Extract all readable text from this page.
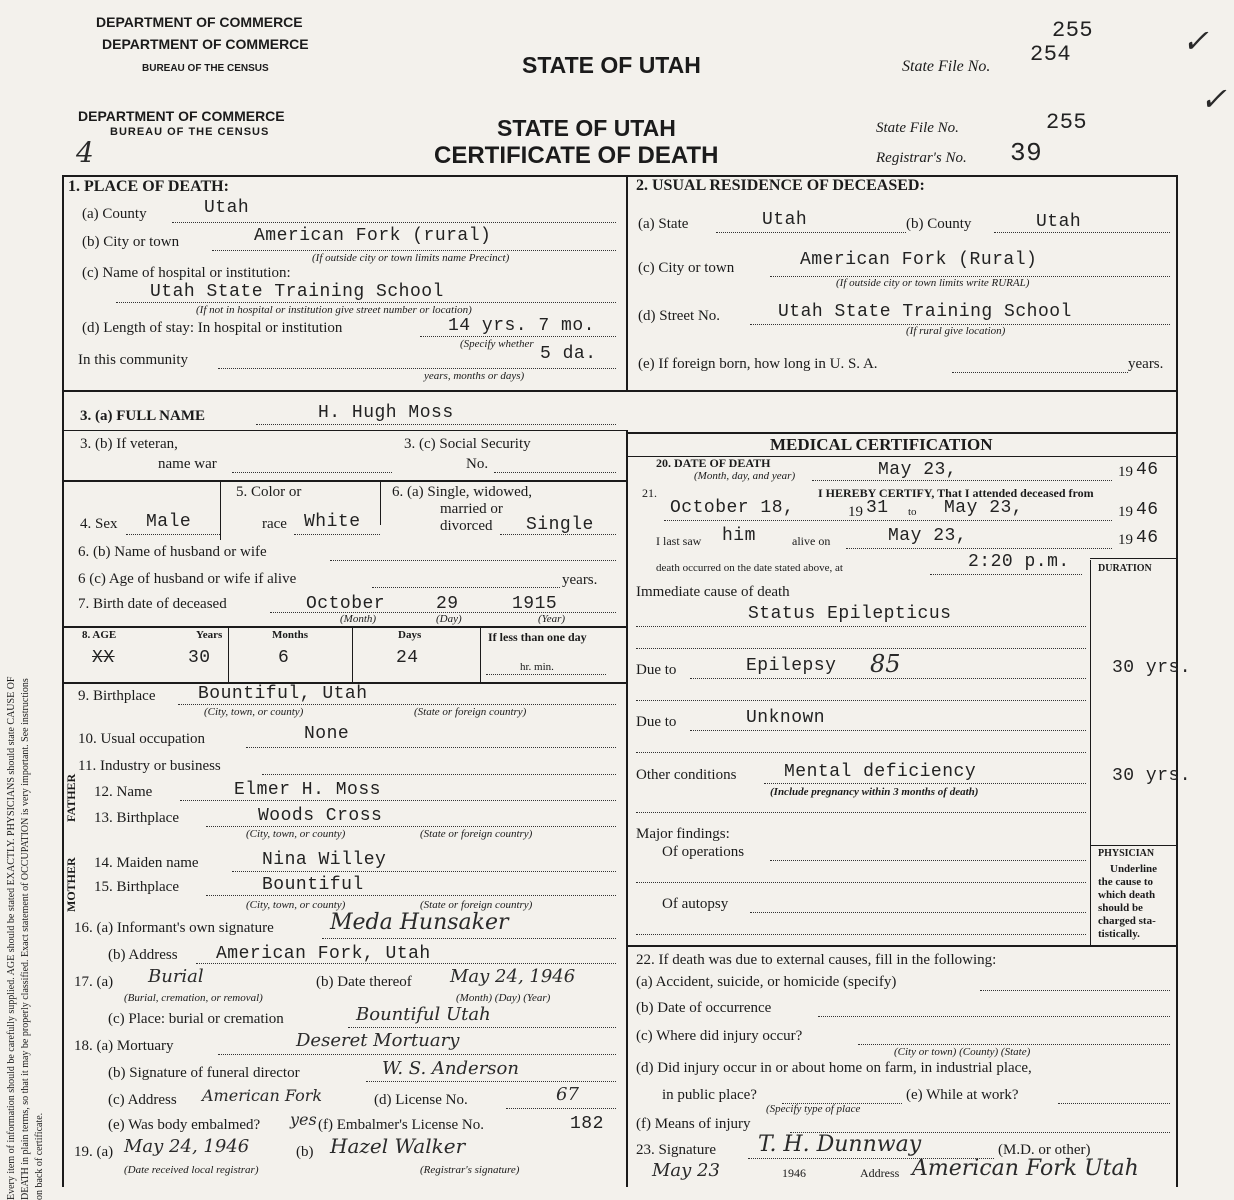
Every item of information should be carefully supplied. AGE should be stated EXACTLY. PHYSICIANS should state CAUSE OF DEATH in plain terms, so that it may be properly classified. Exact statement of OCCUPATION is very important. See instructions on back of certificate.
DEPARTMENT OF COMMERCE
DEPARTMENT OF COMMERCE
BUREAU OF THE CENSUS	STATE OF UTAH	State File No.
255
254	✓
✓
DEPARTMENT OF COMMERCE
BUREAU OF THE CENSUS
4
STATE OF UTAH
CERTIFICATE OF DEATH
State File No.	255
Registrar's No. 39
1. PLACE OF DEATH:
(a) County	Utah
(b) City or town	American Fork (rural)
(If outside city or town limits name Precinct)
(c) Name of hospital or institution:
Utah State Training School
(If not in hospital or institution give street number or location)
(d) Length of stay: In hospital or institution	14 yrs. 7 mo.
(Specify whether
In this community	5 da.
years, months or days)
2. USUAL RESIDENCE OF DECEASED:
(a) State	Utah	(b) County	Utah
(c) City or town	American Fork (Rural)
(If outside city or town limits write RURAL)
(d) Street No.	Utah State Training School
(If rural give location)
(e) If foreign born, how long in U. S. A.	years.
3. (a) FULL NAME	H. Hugh Moss
3. (b) If veteran,
name war
3. (c) Social Security
No.
5. Color or
race White
4. Sex Male
6. (a) Single, widowed,
married or
divorced Single
6. (b) Name of husband or wife
6 (c) Age of husband or wife if alive	years.
7. Birth date of deceased	October	29	1915
(Month)	(Day)	(Year)
8. AGE
XX
Years
30
Months
6
Days
24
If less than one day
hr. min.
9. Birthplace Bountiful, Utah
(City, town, or county)	(State or foreign country)
10. Usual occupation	None
11. Industry or business
FATHER
MOTHER
12. Name	Elmer H. Moss
13. Birthplace	Woods Cross
(City, town, or county)	(State or foreign country)
14. Maiden name	Nina Willey
15. Birthplace	Bountiful
(City, town, or county)	(State or foreign country)
16. (a) Informant's own signature	Meda Hunsaker
(b) Address American Fork, Utah
17. (a) Burial
(Burial, cremation, or removal)
(b) Date thereof May 24, 1946
(Month) (Day) (Year)
(c) Place: burial or cremation	Bountiful Utah
18. (a) Mortuary	Deseret Mortuary
(b) Signature of funeral director	W. S. Anderson
(c) Address American Fork	(d) License No.	67
(e) Was body embalmed? yes (f) Embalmer's License No.	182
19. (a) May 24, 1946	(b) Hazel Walker
(Date received local registrar)	(Registrar's signature)
MEDICAL CERTIFICATION
20. DATE OF DEATH
(Month, day, and year)	May 23,	19 46
21.	I HEREBY CERTIFY, That I attended deceased from
October 18,	19 31 to May 23,	19 46
I last saw him	alive on	May 23,	19 46
death occurred on the date stated above, at	2:20 p.m.	DURATION
Immediate cause of death
Status Epilepticus
Due to	Epilepsy 85	30 yrs.
Due to	Unknown
Other conditions	Mental deficiency	30 yrs.
(Include pregnancy within 3 months of death)
Major findings:
Of operations
Of autopsy
PHYSICIAN
Underline
the cause to
which death
should be
charged sta-
tistically.
22. If death was due to external causes, fill in the following:
(a) Accident, suicide, or homicide (specify)
(b) Date of occurrence
(c) Where did injury occur?
(City or town) (County) (State)
(d) Did injury occur in or about home on farm, in industrial place,
in public place?
(Specify type of place
(e) While at work?
(f) Means of injury
23. Signature T. H. Dunnway	(M.D. or other)
May 23	1946	Address American Fork Utah
